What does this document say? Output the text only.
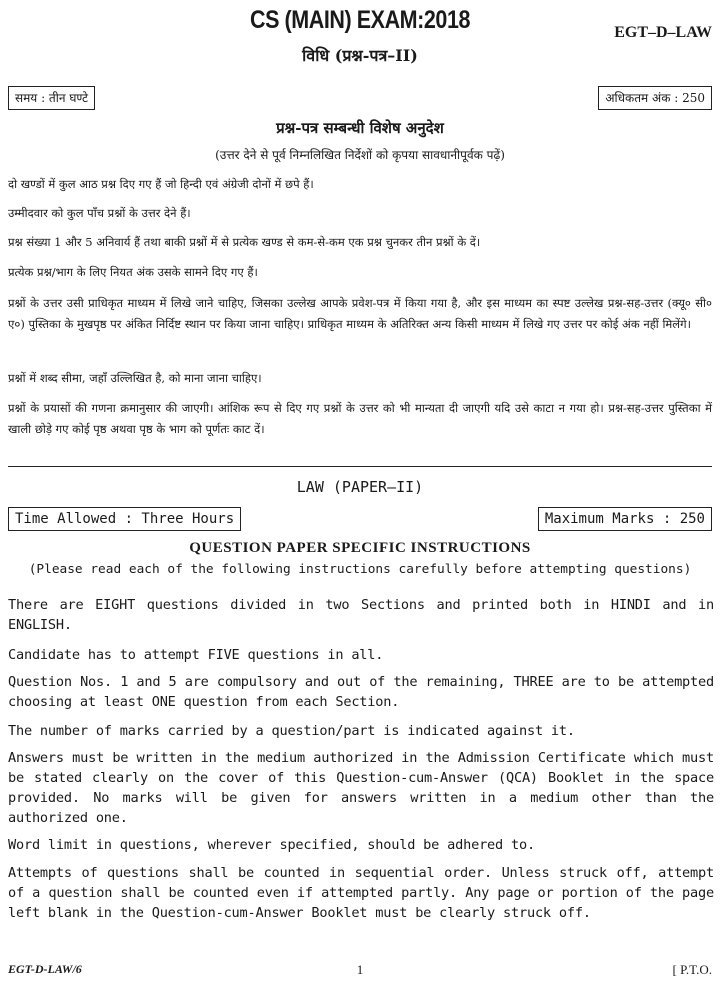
CS (MAIN) EXAM:2018	EGT–D–LAW
विधि (प्रश्न-पत्र–II)
समय : तीन घण्टे	अधिकतम अंक : 250
प्रश्न-पत्र सम्बन्धी विशेष अनुदेश
(उत्तर देने से पूर्व निम्नलिखित निर्देशों को कृपया सावधानीपूर्वक पढ़ें)
दो खण्डों में कुल आठ प्रश्न दिए गए हैं जो हिन्दी एवं अंग्रेजी दोनों में छपे हैं।
उम्मीदवार को कुल पाँच प्रश्नों के उत्तर देने हैं।
प्रश्न संख्या 1 और 5 अनिवार्य हैं तथा बाकी प्रश्नों में से प्रत्येक खण्ड से कम-से-कम एक प्रश्न चुनकर तीन प्रश्नों के दें।
प्रत्येक प्रश्न/भाग के लिए नियत अंक उसके सामने दिए गए हैं।
प्रश्नों के उत्तर उसी प्राधिकृत माध्यम में लिखे जाने चाहिए, जिसका उल्लेख आपके प्रवेश-पत्र में किया गया है, और इस माध्यम का स्पष्ट उल्लेख प्रश्न-सह-उत्तर (क्यू० सी० ए०) पुस्तिका के मुखपृष्ठ पर अंकित निर्दिष्ट स्थान पर किया जाना चाहिए। प्राधिकृत माध्यम के अतिरिक्त अन्य किसी माध्यम में लिखे गए उत्तर पर कोई अंक नहीं मिलेंगे।
प्रश्नों में शब्द सीमा, जहाँ उल्लिखित है, को माना जाना चाहिए।
प्रश्नों के प्रयासों की गणना क्रमानुसार की जाएगी। आंशिक रूप से दिए गए प्रश्नों के उत्तर को भी मान्यता दी जाएगी यदि उसे काटा न गया हो। प्रश्न-सह-उत्तर पुस्तिका में खाली छोड़े गए कोई पृष्ठ अथवा पृष्ठ के भाग को पूर्णतः काट दें।
LAW (PAPER–II)
Time Allowed : Three Hours	Maximum Marks : 250
QUESTION PAPER SPECIFIC INSTRUCTIONS
(Please read each of the following instructions carefully before attempting questions)
There are EIGHT questions divided in two Sections and printed both in HINDI and in ENGLISH.
Candidate has to attempt FIVE questions in all.
Question Nos. 1 and 5 are compulsory and out of the remaining, THREE are to be attempted choosing at least ONE question from each Section.
The number of marks carried by a question/part is indicated against it.
Answers must be written in the medium authorized in the Admission Certificate which must be stated clearly on the cover of this Question-cum-Answer (QCA) Booklet in the space provided. No marks will be given for answers written in a medium other than the authorized one.
Word limit in questions, wherever specified, should be adhered to.
Attempts of questions shall be counted in sequential order. Unless struck off, attempt of a question shall be counted even if attempted partly. Any page or portion of the page left blank in the Question-cum-Answer Booklet must be clearly struck off.
EGT-D-LAW/6	1	[ P.T.O.
